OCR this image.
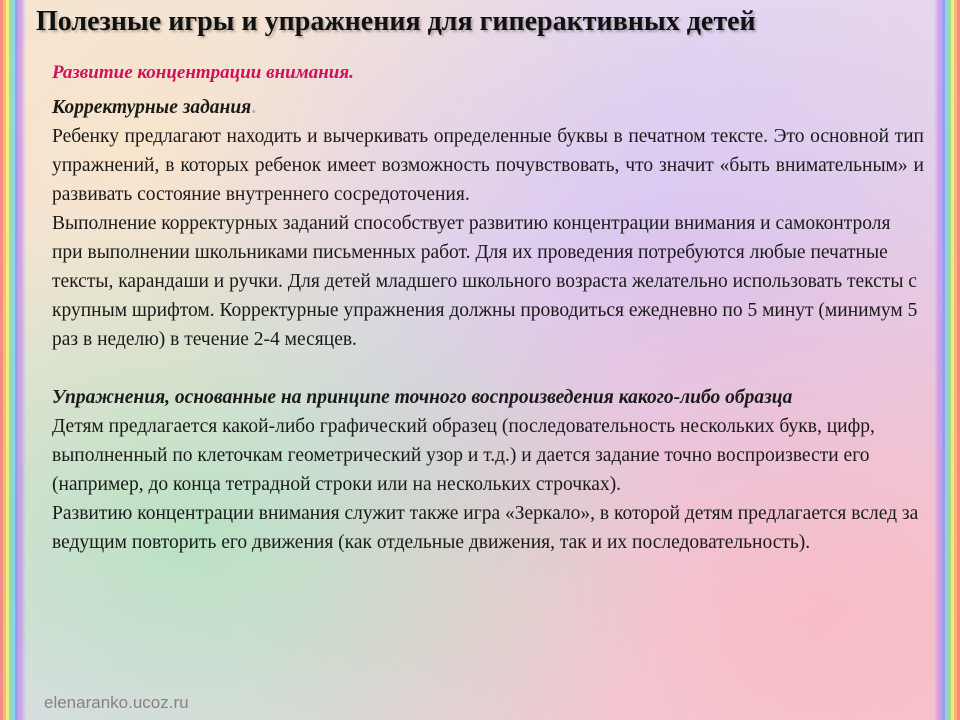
Полезные игры и упражнения для гиперактивных детей

Развитие концентрации внимания.

Корректурные задания.

Ребенку предлагают находить и вычеркивать определенные буквы в печатном тексте. Это основной тип упражнений, в которых ребенок имеет возможность почувствовать, что значит «быть внимательным» и развивать состояние внутреннего сосредоточения.

Выполнение корректурных заданий способствует развитию концентрации внимания и самоконтроля при выполнении школьниками письменных работ. Для их проведения потребуются любые печатные тексты, карандаши и ручки. Для детей младшего школьного возраста желательно использовать тексты с крупным шрифтом. Корректурные упражнения должны проводиться ежедневно по 5 минут (минимум 5 раз в неделю) в течение 2-4 месяцев.

Упражнения, основанные на принципе точного воспроизведения какого-либо образца

Детям предлагается какой-либо графический образец (последовательность нескольких букв, цифр, выполненный по клеточкам геометрический узор и т.д.) и дается задание точно воспроизвести его (например, до конца тетрадной строки или на нескольких строчках).

Развитию концентрации внимания служит также игра «Зеркало», в которой детям предлагается вслед за ведущим повторить его движения (как отдельные движения, так и их последовательность).

elenaranko.ucoz.ru
